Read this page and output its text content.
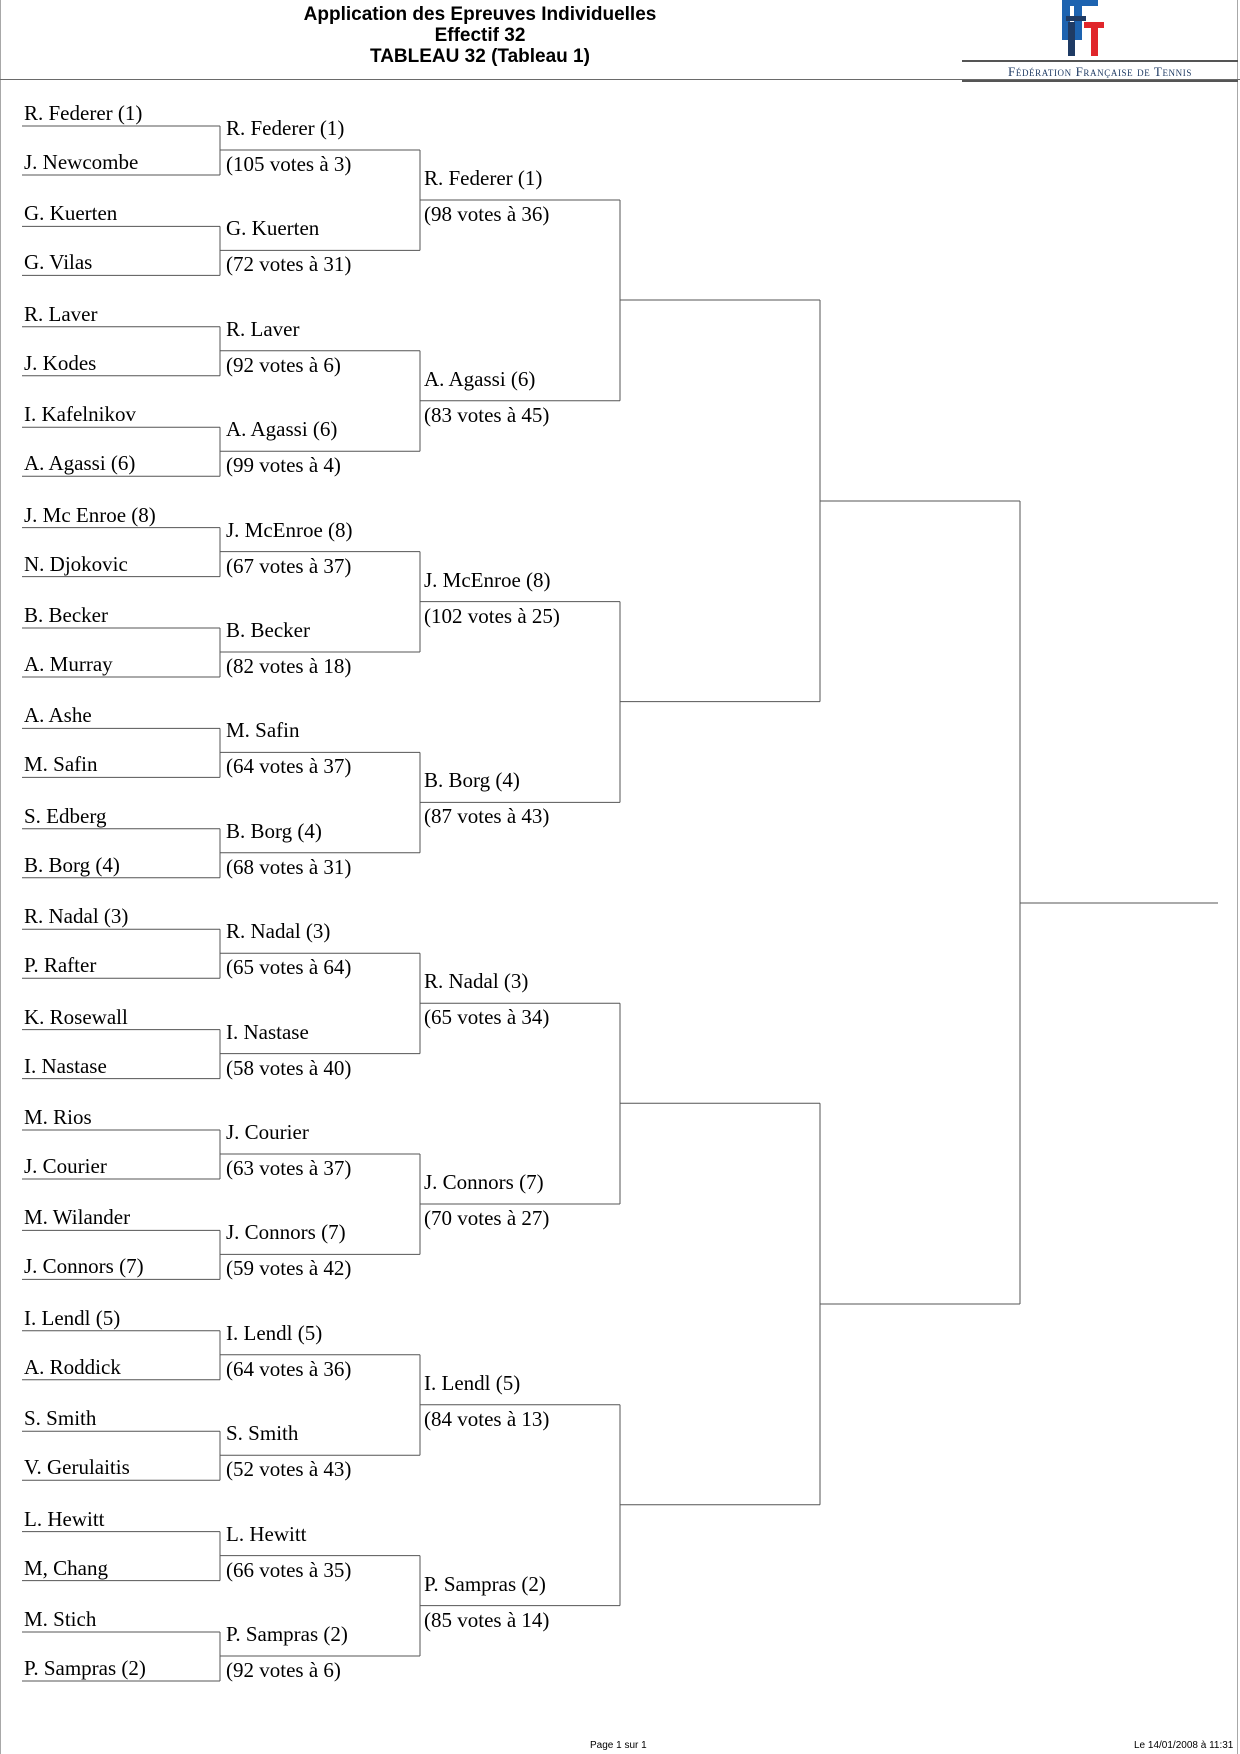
Application des Epreuves Individuelles
Effectif 32
TABLEAU 32 (Tableau 1)
Fédération Française de Tennis
R. Federer (1)
J. Newcombe
G. Kuerten
G. Vilas
R. Laver
J. Kodes
I. Kafelnikov
A. Agassi (6)
J. Mc Enroe (8)
N. Djokovic
B. Becker
A. Murray
A. Ashe
M. Safin
S. Edberg
B. Borg (4)
R. Nadal (3)
P. Rafter
K. Rosewall
I. Nastase
M. Rios
J. Courier
M. Wilander
J. Connors (7)
I. Lendl (5)
A. Roddick
S. Smith
V. Gerulaitis
L. Hewitt
M, Chang
M. Stich
P. Sampras (2)
R. Federer (1)
(105 votes à 3)
G. Kuerten
(72 votes à 31)
R. Laver
(92 votes à 6)
A. Agassi (6)
(99 votes à 4)
J. McEnroe (8)
(67 votes à 37)
B. Becker
(82 votes à 18)
M. Safin
(64 votes à 37)
B. Borg (4)
(68 votes à 31)
R. Nadal (3)
(65 votes à 64)
I. Nastase
(58 votes à 40)
J. Courier
(63 votes à 37)
J. Connors (7)
(59 votes à 42)
I. Lendl (5)
(64 votes à 36)
S. Smith
(52 votes à 43)
L. Hewitt
(66 votes à 35)
P. Sampras (2)
(92 votes à 6)
R. Federer (1)
(98 votes à 36)
A. Agassi (6)
(83 votes à 45)
J. McEnroe (8)
(102 votes à 25)
B. Borg (4)
(87 votes à 43)
R. Nadal (3)
(65 votes à 34)
J. Connors (7)
(70 votes à 27)
I. Lendl (5)
(84 votes à 13)
P. Sampras (2)
(85 votes à 14)
Page 1 sur 1	Le 14/01/2008 à 11:31
